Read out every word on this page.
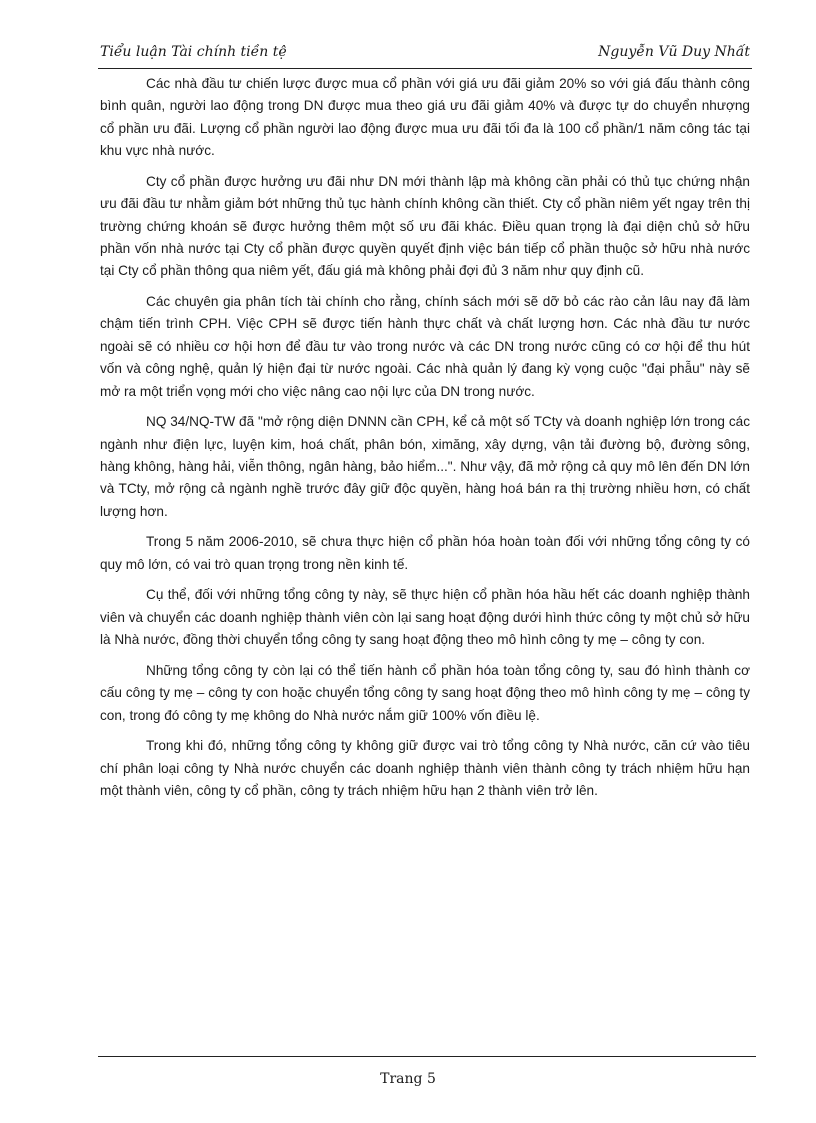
Tiểu luận Tài chính tiền tệ	Nguyễn Vũ Duy Nhất

Các nhà đầu tư chiến lược được mua cổ phần với giá ưu đãi giảm 20% so với giá đấu thành công bình quân, người lao động trong DN được mua theo giá ưu đãi giảm 40% và được tự do chuyển nhượng cổ phần ưu đãi. Lượng cổ phần người lao động được mua ưu đãi tối đa là 100 cổ phần/1 năm công tác tại khu vực nhà nước.

Cty cổ phần được hưởng ưu đãi như DN mới thành lập mà không cần phải có thủ tục chứng nhận ưu đãi đầu tư nhằm giảm bớt những thủ tục hành chính không cần thiết. Cty cổ phần niêm yết ngay trên thị trường chứng khoán sẽ được hưởng thêm một số ưu đãi khác. Điều quan trọng là đại diện chủ sở hữu phần vốn nhà nước tại Cty cổ phần được quyền quyết định việc bán tiếp cổ phần thuộc sở hữu nhà nước tại Cty cổ phần thông qua niêm yết, đấu giá mà không phải đợi đủ 3 năm như quy định cũ.

Các chuyên gia phân tích tài chính cho rằng, chính sách mới sẽ dỡ bỏ các rào cản lâu nay đã làm chậm tiến trình CPH. Việc CPH sẽ được tiến hành thực chất và chất lượng hơn. Các nhà đầu tư nước ngoài sẽ có nhiều cơ hội hơn để đầu tư vào trong nước và các DN trong nước cũng có cơ hội để thu hút vốn và công nghệ, quản lý hiện đại từ nước ngoài. Các nhà quản lý đang kỳ vọng cuộc "đại phẫu" này sẽ mở ra một triển vọng mới cho việc nâng cao nội lực của DN trong nước.

NQ 34/NQ-TW đã "mở rộng diện DNNN cần CPH, kể cả một số TCty và doanh nghiệp lớn trong các ngành như điện lực, luyện kim, hoá chất, phân bón, ximăng, xây dựng, vận tải đường bộ, đường sông, hàng không, hàng hải, viễn thông, ngân hàng, bảo hiểm...". Như vậy, đã mở rộng cả quy mô lên đến DN lớn và TCty, mở rộng cả ngành nghề trước đây giữ độc quyền, hàng hoá bán ra thị trường nhiều hơn, có chất lượng hơn.

Trong 5 năm 2006-2010, sẽ chưa thực hiện cổ phần hóa hoàn toàn đối với những tổng công ty có quy mô lớn, có vai trò quan trọng trong nền kinh tế.

Cụ thể, đối với những tổng công ty này, sẽ thực hiện cổ phần hóa hầu hết các doanh nghiệp thành viên và chuyển các doanh nghiệp thành viên còn lại sang hoạt động dưới hình thức công ty một chủ sở hữu là Nhà nước, đồng thời chuyển tổng công ty sang hoạt động theo mô hình công ty mẹ – công ty con.

Những tổng công ty còn lại có thể tiến hành cổ phần hóa toàn tổng công ty, sau đó hình thành cơ cấu công ty mẹ – công ty con hoặc chuyển tổng công ty sang hoạt động theo mô hình công ty mẹ – công ty con, trong đó công ty mẹ không do Nhà nước nắm giữ 100% vốn điều lệ.

Trong khi đó, những tổng công ty không giữ được vai trò tổng công ty Nhà nước, căn cứ vào tiêu chí phân loại công ty Nhà nước chuyển các doanh nghiệp thành viên thành công ty trách nhiệm hữu hạn một thành viên, công ty cổ phần, công ty trách nhiệm hữu hạn 2 thành viên trở lên.

Trang 5
